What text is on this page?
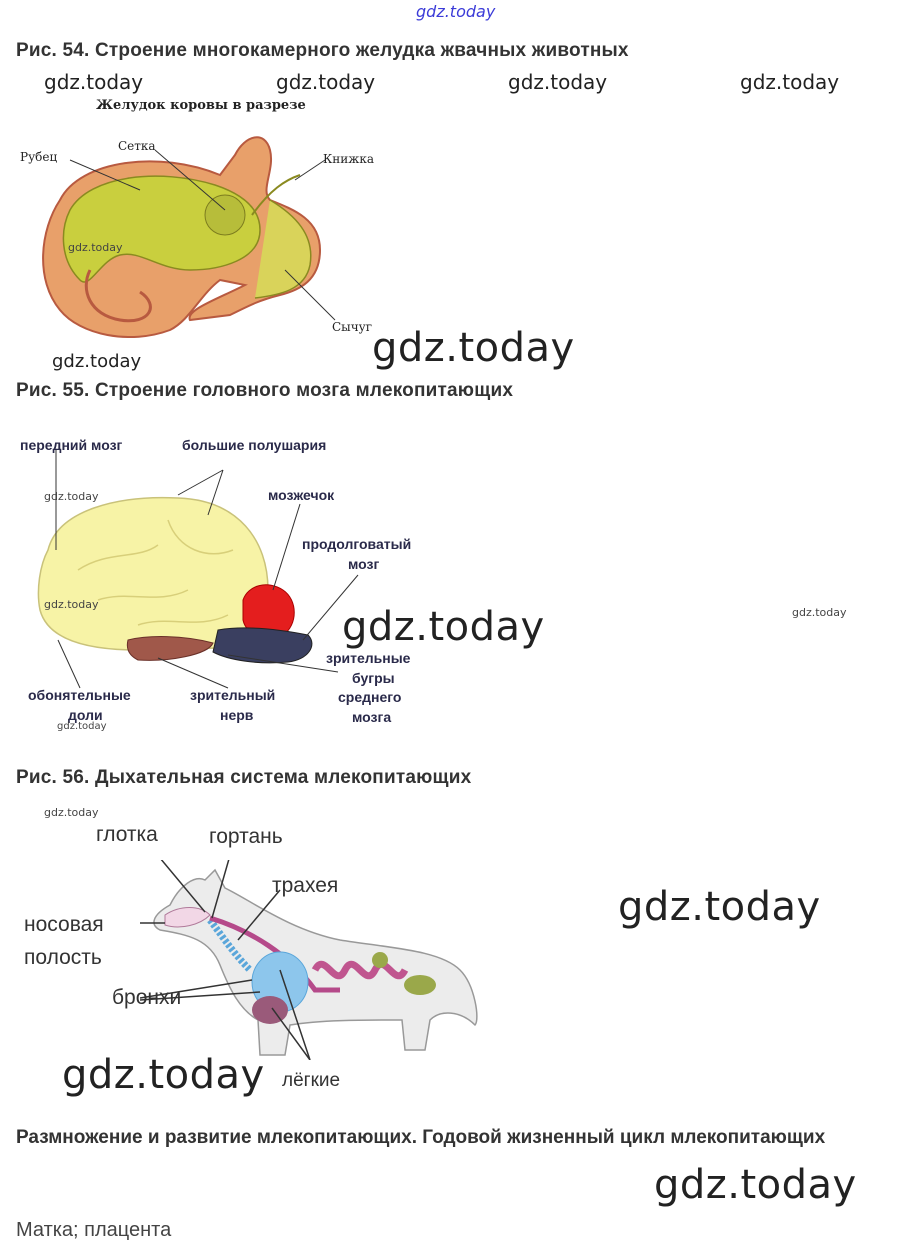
gdz.today
Рис. 54. Строение многокамерного желудка жвачных животных
gdz.today	gdz.today	gdz.today	gdz.today
Желудок коровы в разрезе
Рубец
Сетка
Книжка
Сычуг
gdz.today
gdz.today	gdz.today
Рис. 55. Строение головного мозга млекопитающих
передний мозг	большие полушария
мозжечок
продолговатый
мозг
зрительные
бугры
среднего
мозга
обонятельные
доли
зрительный
нерв
gdz.today
gdz.today
gdz.today
gdz.today
gdz.today
Рис. 56. Дыхательная система млекопитающих
gdz.today
глотка гортань
трахея
носовая
полость
бронхи
лёгкие
gdz.today
gdz.today
Размножение и развитие млекопитающих. Годовой жизненный цикл млекопитающих
gdz.today
Матка; плацента
